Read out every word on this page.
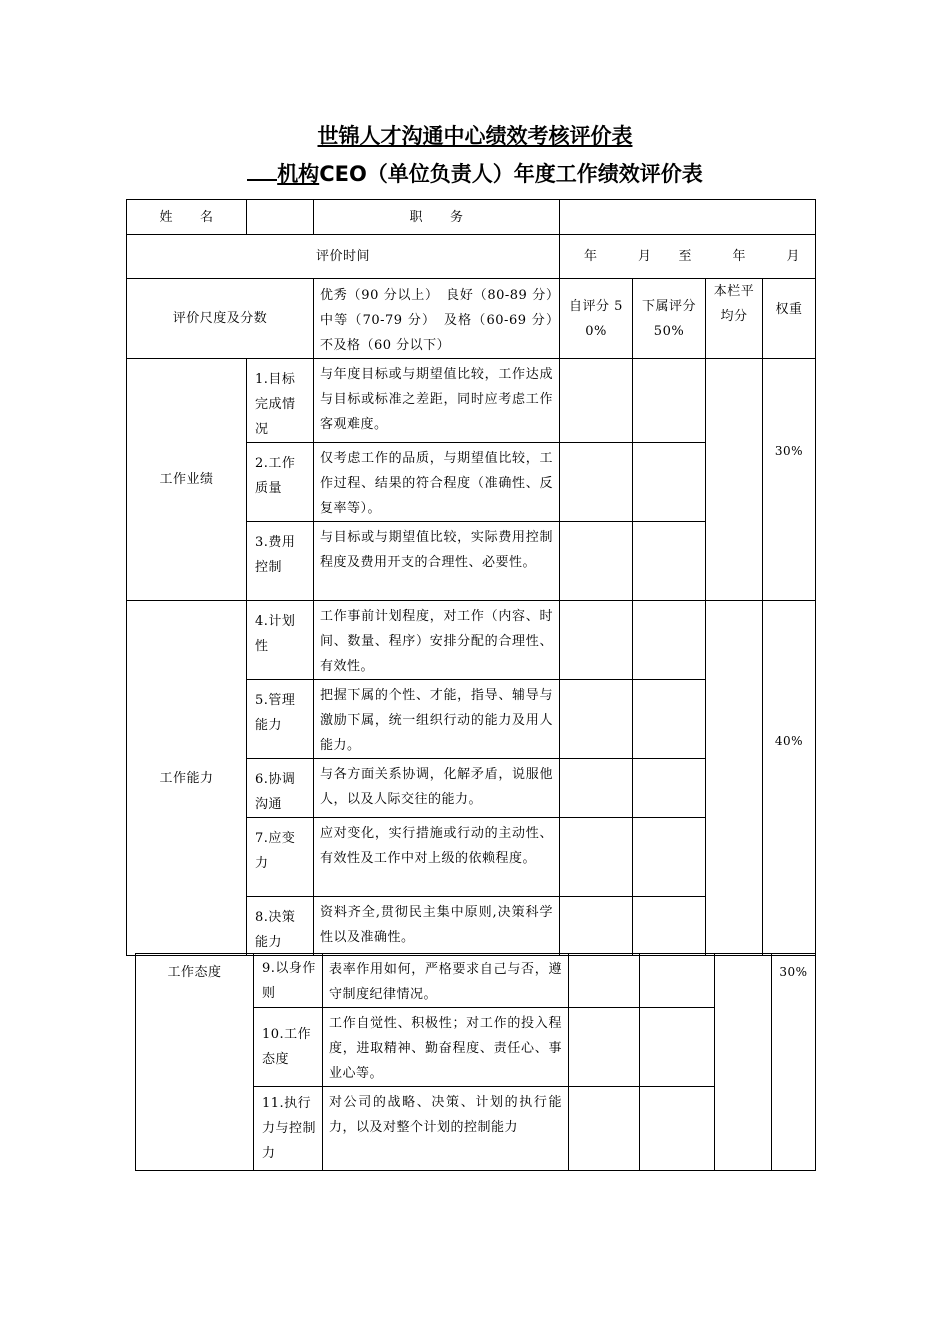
世锦人才沟通中心绩效考核评价表
机构CEO（单位负责人）年度工作绩效评价表
姓　　名		职　　务				
评价时间			年　　　月　　至　　　年　　　月			
评价尺度及分数		优秀（90 分以上）　良好（80-89 分）　中等（70-79 分）　及格（60-69 分）　不及格（60 分以下）	自评分 50%	下属评分 50%	本栏平均分	权重
工作业绩	1.目标完成情况	与年度目标或与期望值比较，工作达成与目标或标准之差距，同时应考虑工作客观难度。				30%
	2.工作质量	仅考虑工作的品质，与期望值比较，工作过程、结果的符合程度（准确性、反复率等）。				
	3.费用控制	与目标或与期望值比较，实际费用控制程度及费用开支的合理性、必要性。				
工作能力	4.计划性	工作事前计划程度，对工作（内容、时间、数量、程序）安排分配的合理性、有效性。				40%
	5.管理能力	把握下属的个性、才能，指导、辅导与激励下属，统一组织行动的能力及用人能力。				
	6.协调沟通	与各方面关系协调，化解矛盾，说服他人，以及人际交往的能力。				
	7.应变力	应对变化，实行措施或行动的主动性、有效性及工作中对上级的依赖程度。				
	8.决策能力	资料齐全,贯彻民主集中原则,决策科学性以及准确性。				
工作态度	9.以身作则	表率作用如何，严格要求自己与否，遵守制度纪律情况。				30%
	10.工作态度	工作自觉性、积极性；对工作的投入程度，进取精神、勤奋程度、责任心、事业心等。				
	11.执行力与控制力	对公司的战略、决策、计划的执行能力，以及对整个计划的控制能力				
